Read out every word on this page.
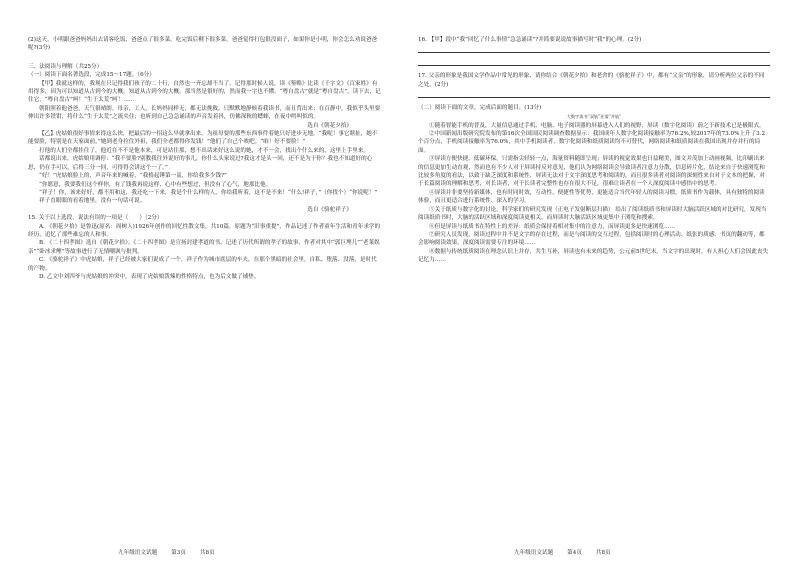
(2)这天，小明跟爸爸妈妈出去请客吃饭，爸爸点了很多菜，吃完饭后剩下很多菜，爸爸觉得打包很没面子，如果你是小明，你会怎么劝说爸爸呢?(3分)

三、法阅读与理解（共25分）

（一）阅读下面名著选段，完成15～17题。（6分）

【甲】我就这样的，我现在只记得我们孩子的二十行，自然也一齐忘却不当了。记得那时候人说，读《鉴略》比读《千字文》《百家姓》有用得多，因为可以知道从古到今的大概。知道从古到今的大概，那当然是很好的，然而我一字也不懂。“粤自盘古”就是“粤自盘古”，读下去，记住它，“粤自盘古”呵！“生于太荒”呵！……

朝阳照着他爸爸，天气很晴朗。母亲，工人，长妈妈同样无，都无法挽救，只默默地静候着我读书，而且背出来；在百静中，我似乎头里要伸出许多铁钳，将什么“生于太荒”之流夹住；也听到自己急急诵读的声音发着抖，仿佛深秋的蟋蟀，在夜中鸣叫似的。

选自《朝花夕拾》

【乙】虎姑娘很好事情来得这么快，把最后的一招这么早就拿出来。为祖母要的那些东西事件着她只好进步无地。“我呢！事它瞎扯，她不能要脸，特别是在天家面前。”她到老身拉住外祖，我们全老都得你发钱！”他们了自己个唉吧。“咱！好不要脸！”

打他的人们全都挂住了，他近在不不是他本来，可是站住那，想不出话来好这么说的她，才不一会，找出个什么来的，这里上手里来。

话都说出来，虎姑娘用调停：“我不要脸?别教我往外说好的事儿，你什么头家说过?我这才是头一回，还不是为于你？我也不知道好的心思，仍在手可以，后得三分一回，可得得会讲这个一了。”

“好！”虎姑娘脸上的，声音年来的喊着，“我格起锤第一盅，你给我多少钱?”

“你愿意，我要我们这个样你，有了钱我再说这样，心中有些想过，但没有了心气，地那比他。

“祥子！你，该来好好，都不用和这，我还吃一下来，我是个什么样的人，你给我听着，这不是不来！“什么!祥子，”（你找个）“你说呢！”

祥子直眼眼的看着地里，没有一句话可说。

选自《骆驼祥子》

15. 关于以上选段，说法有误的一项是（　　）（2分）

A. 《朝花夕拾》是鲁迅(原名：周树人)1926年创作的回忆性散文集，共10篇，原题为“旧事重提”，作品记述了作者童年生活和青年求学的经历，追忆了那些难忘的人和事。

B. 《二十四孝图》选自《朝花夕拾》。《二十四孝图》是宣扬封建孝道的书，记述了历代所谓的孝子的故事，作者对其中“郭巨埋儿”“老莱娱亲”“卧冰求鲤”等故事进行了无情嘲讽与批判。

C. 《骆驼祥子》中虎姑娘，祥子已经被大家们说成了一个，祥子作为城市底层的车夫，在那个黑暗的社会里，自私、堕落、没落，是时代的产物。

D. 乙文中刘四爷与虎姑娘的冲突中，表现了虎姑娘泼辣的性格特点，也为后文做了铺垫。

16. 【甲】段中“我”回忆了什么事情“急急诵读”?并简要说说故事描写时“我”的心理。(2分)

17. 父亲的形象是我国文学作品中常见的形象，请你结合《朝花夕拾》和老舍的《骆驼祥子》中，都有“父亲”的形象，请分析两位父亲的不同之处。(2分)

（二）阅读下面的文章，完成后面的题目。(13分)

大数字读书“双轨”还需“并轨”

①随着智能手机的普及，大量信息通过手机、电脑、电子阅读器的屏幕进入人们的视野，屏读（数字化阅读）蔚之于新技术已是极限式。

②中国新闻出版研究院发布的第16次全国国民阅读调查数据显示：我国成年人数字化阅读接触率为76.2%,较2017年的73.0%上升了3.2个百分点，手机阅读接触率为76.0%，其中手机阅读者，数字化阅读和纸质阅读均不可替代，网络阅读和纸质阅读在我国出现并存并行的局面。

③屏读方便快捷、低碳环保，只需指尖轻轻一点，海量资料随即呈现；屏读的视觉效果也日益精美，图文并茂加上动画视频，比印刷出来的信息更加生动直观，然而也有不少人对于屏读持反对意见，他们认为网络阅读会导致读者注意力分散，信息碎片化，结论来自于快速浏览和比较多角度的看法，以致于缺乏深度和系统性，屏读无法对于文字深度思考和阅读的，而且很多读者对阅读的深刻性来自对于文本的把握，对于长篇阅读的理解和思考，对长读者，对于长读者完整性也存在很大不足，很难让读者在一个人深度阅读中感悟中的思考。

④屏读并非要坚持新媒体，也有时同时效，互动性，便捷性等优势，更能适合当代年轻人的阅读习惯，纸质书作为载体，具有独特的阅读体验，而且更适合进行系统性、深入的学习。

⑤关于纸质与数字化的讨论，科学家们的研究发现（正电子发射断层扫描） 给出了阅读纸质书和屏读时大脑活跃区域的对比研究，发现当阅读纸质书时，大脑的活跃区域和深度阅读更相关，而屏读时大脑活跃区域更集中于浏览和搜索。

⑥但是屏读与纸质书在特性上的差异：纸质会保持着相对集中的注意力，而屏读更多是快速浏览……

⑦研究人员发现，阅读过程中并不是文字的存在过程，而是与阅读的交互过程，包括阅读时的心理活动、纸张的质感、书页的翻动等，都会影响阅读效果，深度阅读需要专注的环境……

⑧数据与传统纸质阅读在理念认识上并存，共生互补，屏读也有未来的趋势，公元前5世纪末，当文字的出现时，有人担心人们会因此丧失记忆力……

九年级语文试题	第3页	共8页	九年级语文试题	第4页	共8页
